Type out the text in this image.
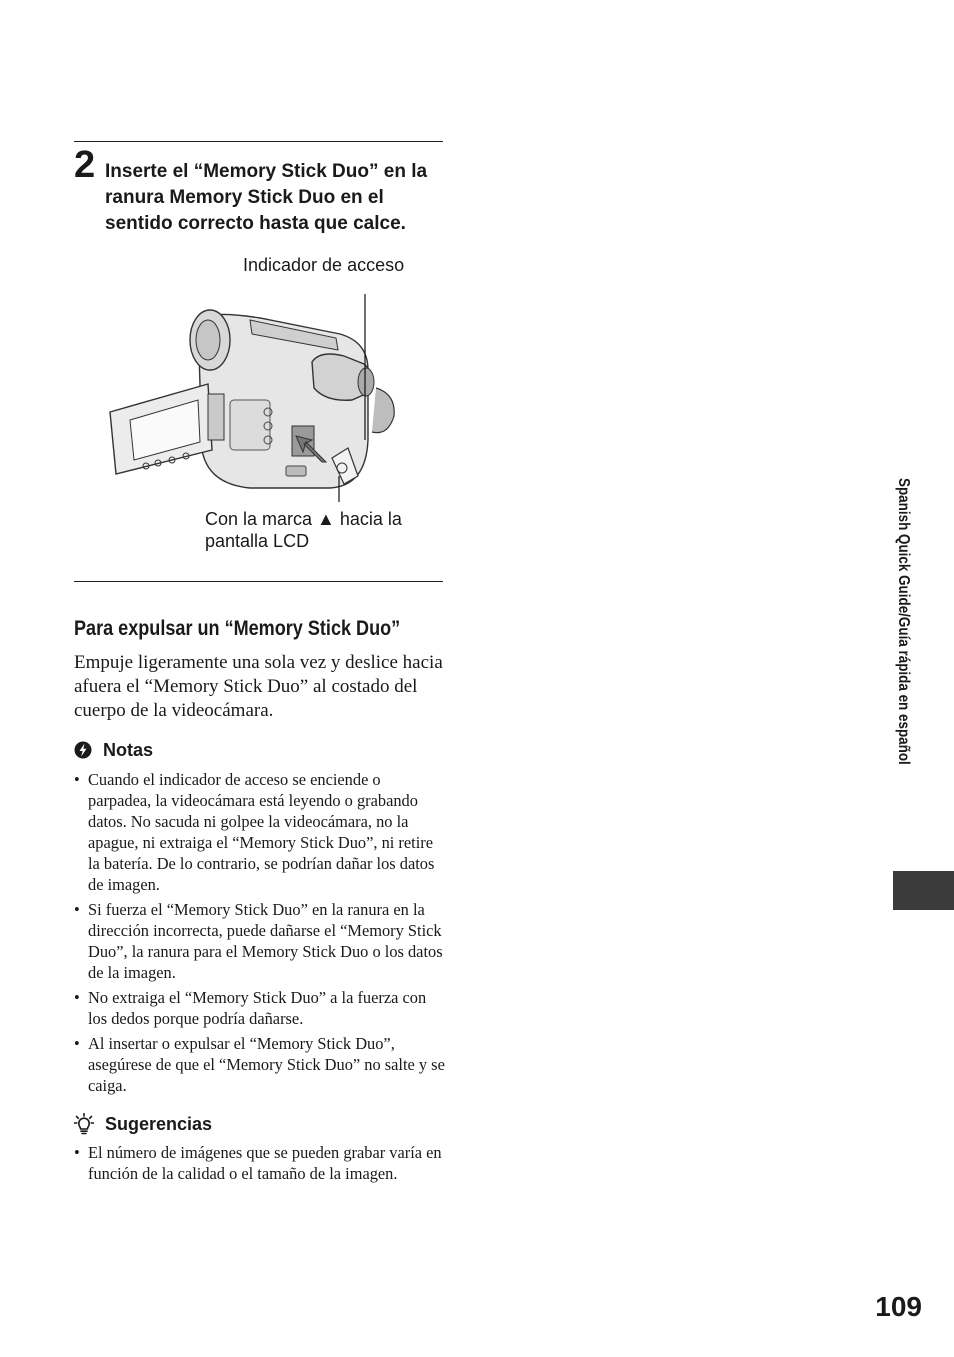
2 Inserte el “Memory Stick Duo” en la ranura Memory Stick Duo en el sentido correcto hasta que calce.
Indicador de acceso
Con la marca ▲ hacia la
pantalla LCD
Para expulsar un “Memory Stick Duo”
Empuje ligeramente una sola vez y deslice hacia afuera el “Memory Stick Duo” al costado del cuerpo de la videocámara.
Notas
• Cuando el indicador de acceso se enciende o parpadea, la videocámara está leyendo o grabando datos. No sacuda ni golpee la videocámara, no la apague, ni extraiga el “Memory Stick Duo”, ni retire la batería. De lo contrario, se podrían dañar los datos de imagen.
• Si fuerza el “Memory Stick Duo” en la ranura en la dirección incorrecta, puede dañarse el “Memory Stick Duo”, la ranura para el Memory Stick Duo o los datos de la imagen.
• No extraiga el “Memory Stick Duo” a la fuerza con los dedos porque podría dañarse.
• Al insertar o expulsar el “Memory Stick Duo”, asegúrese de que el “Memory Stick Duo” no salte y se caiga.
Sugerencias
• El número de imágenes que se pueden grabar varía en función de la calidad o el tamaño de la imagen.
Spanish Quick Guide/Guía rápida en español
109
